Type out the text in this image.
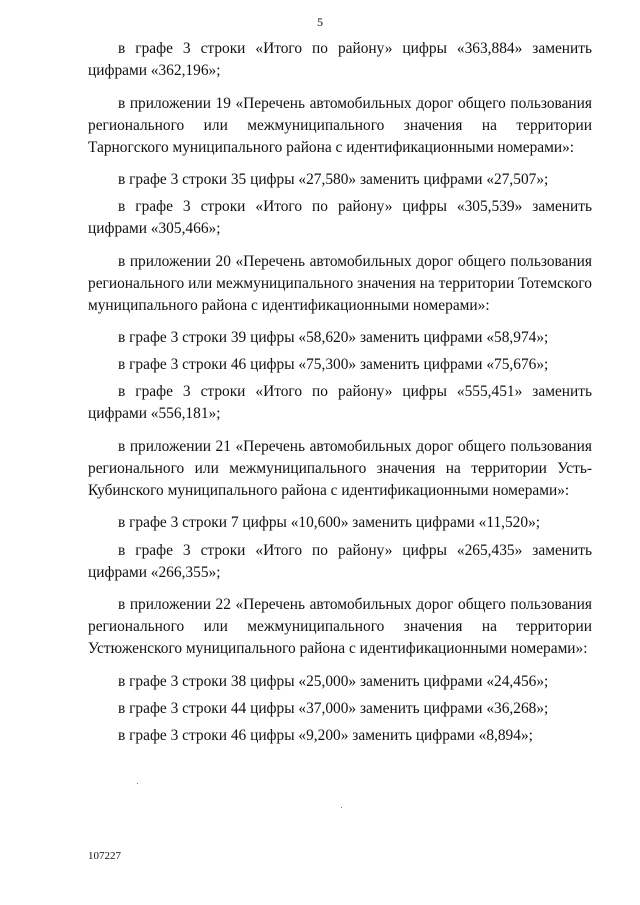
5

в графе 3 строки «Итого по району» цифры «363,884» заменить цифрами «362,196»;

в приложении 19 «Перечень автомобильных дорог общего пользования регионального или межмуниципального значения на территории Тарногского муниципального района с идентификационными номерами»:

в графе 3 строки 35 цифры «27,580» заменить цифрами «27,507»;

в графе 3 строки «Итого по району» цифры «305,539» заменить цифрами «305,466»;

в приложении 20 «Перечень автомобильных дорог общего пользования регионального или межмуниципального значения на территории Тотемского муниципального района с идентификационными номерами»:

в графе 3 строки 39 цифры «58,620» заменить цифрами «58,974»;

в графе 3 строки 46 цифры «75,300» заменить цифрами «75,676»;

в графе 3 строки «Итого по району» цифры «555,451» заменить цифрами «556,181»;

в приложении 21 «Перечень автомобильных дорог общего пользования регионального или межмуниципального значения на территории Усть-Кубинского муниципального района с идентификационными номерами»:

в графе 3 строки 7 цифры «10,600» заменить цифрами «11,520»;

в графе 3 строки «Итого по району» цифры «265,435» заменить цифрами «266,355»;

в приложении 22 «Перечень автомобильных дорог общего пользования регионального или межмуниципального значения на территории Устюженского муниципального района с идентификационными номерами»:

в графе 3 строки 38 цифры «25,000» заменить цифрами «24,456»;

в графе 3 строки 44 цифры «37,000» заменить цифрами «36,268»;

в графе 3 строки 46 цифры «9,200» заменить цифрами «8,894»;

107227
